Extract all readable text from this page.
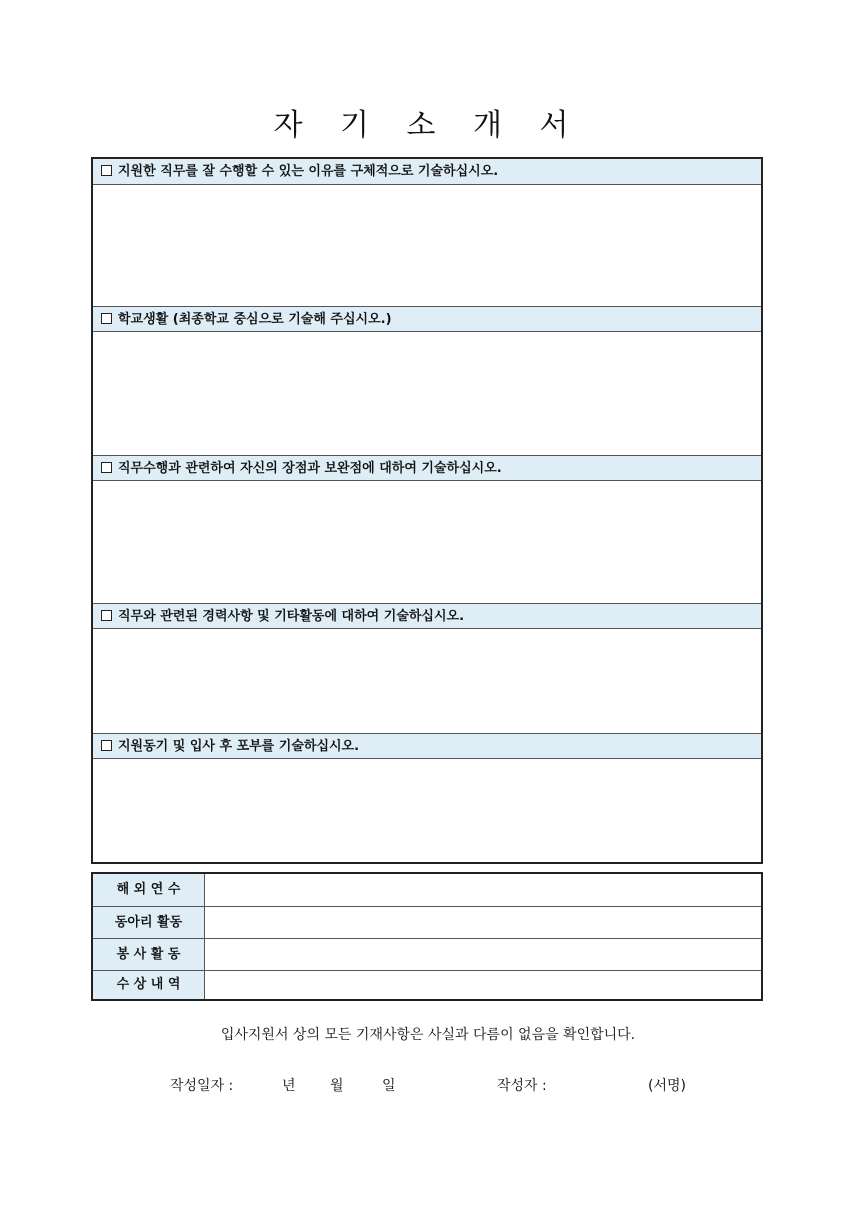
자 기 소 개 서
지원한 직무를 잘 수행할 수 있는 이유를 구체적으로 기술하십시오.
학교생활 (최종학교 중심으로 기술해 주십시오.)
직무수행과 관련하여 자신의 장점과 보완점에 대하여 기술하십시오.
직무와 관련된 경력사항 및 기타활동에 대하여 기술하십시오.
지원동기 및 입사 후 포부를 기술하십시오.
해 외 연 수
동아리 활동
봉 사 활 동
수 상 내 역
입사지원서 상의 모든 기재사항은 사실과 다름이 없음을 확인합니다.
작성일자 :	년 월	일	작성자 :	(서명)
